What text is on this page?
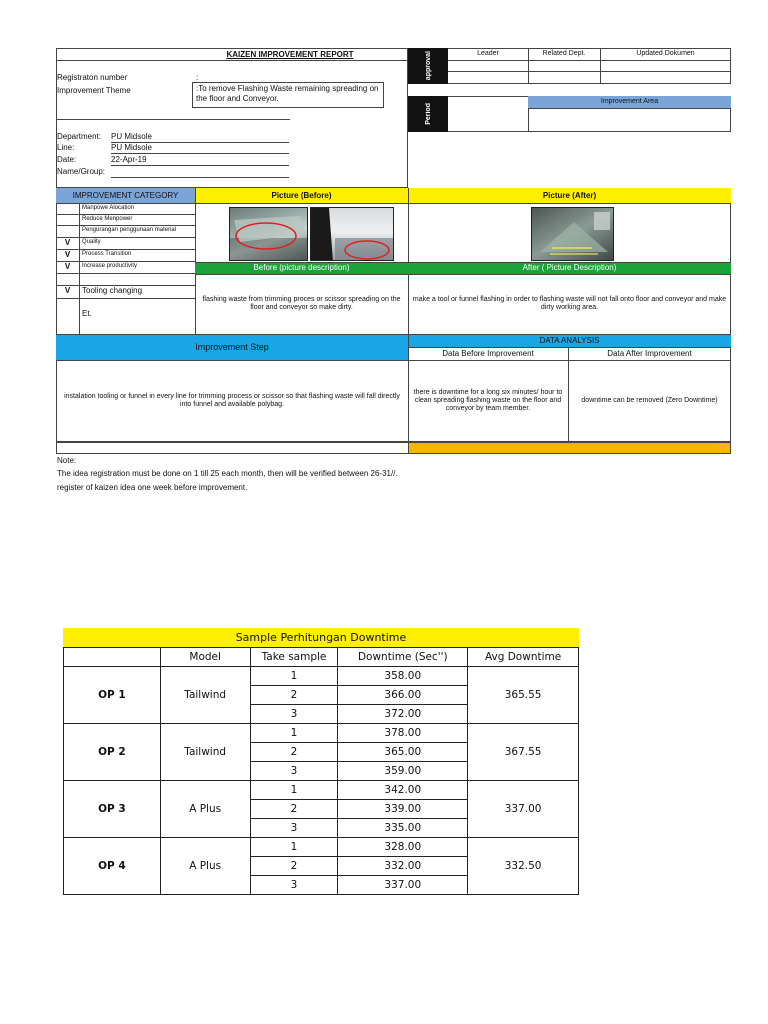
KAIZEN IMPROVEMENT REPORT
Registraton number	:
Improvement Theme	:To remove Flashing Waste remaining spreading on the floor and Conveyor.
Department: PU Midsole
Line:	PU Midsole
Date:	22-Apr-19
Name/Group:
approval	Leader	Related Dept.	Updated Dokumen
Period
Improvement Area
IMPROVEMENT CATEGORY	Picture (Before)	Picture (After)
Manpowe Alocation
Reduce Menpower
Pengurangan penggunaan material
V	Quality
V	Process Transition
V	Increase productivity
V	Tooling changing
Et.
Before (picture description)	After ( Picture Description)
flashing waste from trimming proces or scissor spreading on the floor and conveyor so make dirty.
make a tool or funnel flashing in order to flashing waste will not fall onto floor and conveyor and make dirty working area.
Improvement Step
DATA ANALYSIS
Data Before Improvement	Data After Improvement
instalation tooling or funnel in every line for trimming process or scissor so that flashing waste will fall directly into funnel and available polybag.
there is downtime for a long six minutes/ hour to clean spreading flashing waste on the floor and conveyor by team member.
downtime can be removed (Zero Downtime)
Note:
The idea registration must be done on 1 till 25 each month, then will be verified between 26-31//.
register of kaizen idea one week before improvement.
Sample Perhitungan Downtime
	Model	Take sample	Downtime (Sec'')	Avg Downtime
OP 1	Tailwind	1	358.00	365.55
		2	366.00	
		3	372.00	
OP 2	Tailwind	1	378.00	367.55
		2	365.00	
		3	359.00	
OP 3	A Plus	1	342.00	337.00
		2	339.00	
		3	335.00	
OP 4	A Plus	1	328.00	332.50
		2	332.00	
		3	337.00	
